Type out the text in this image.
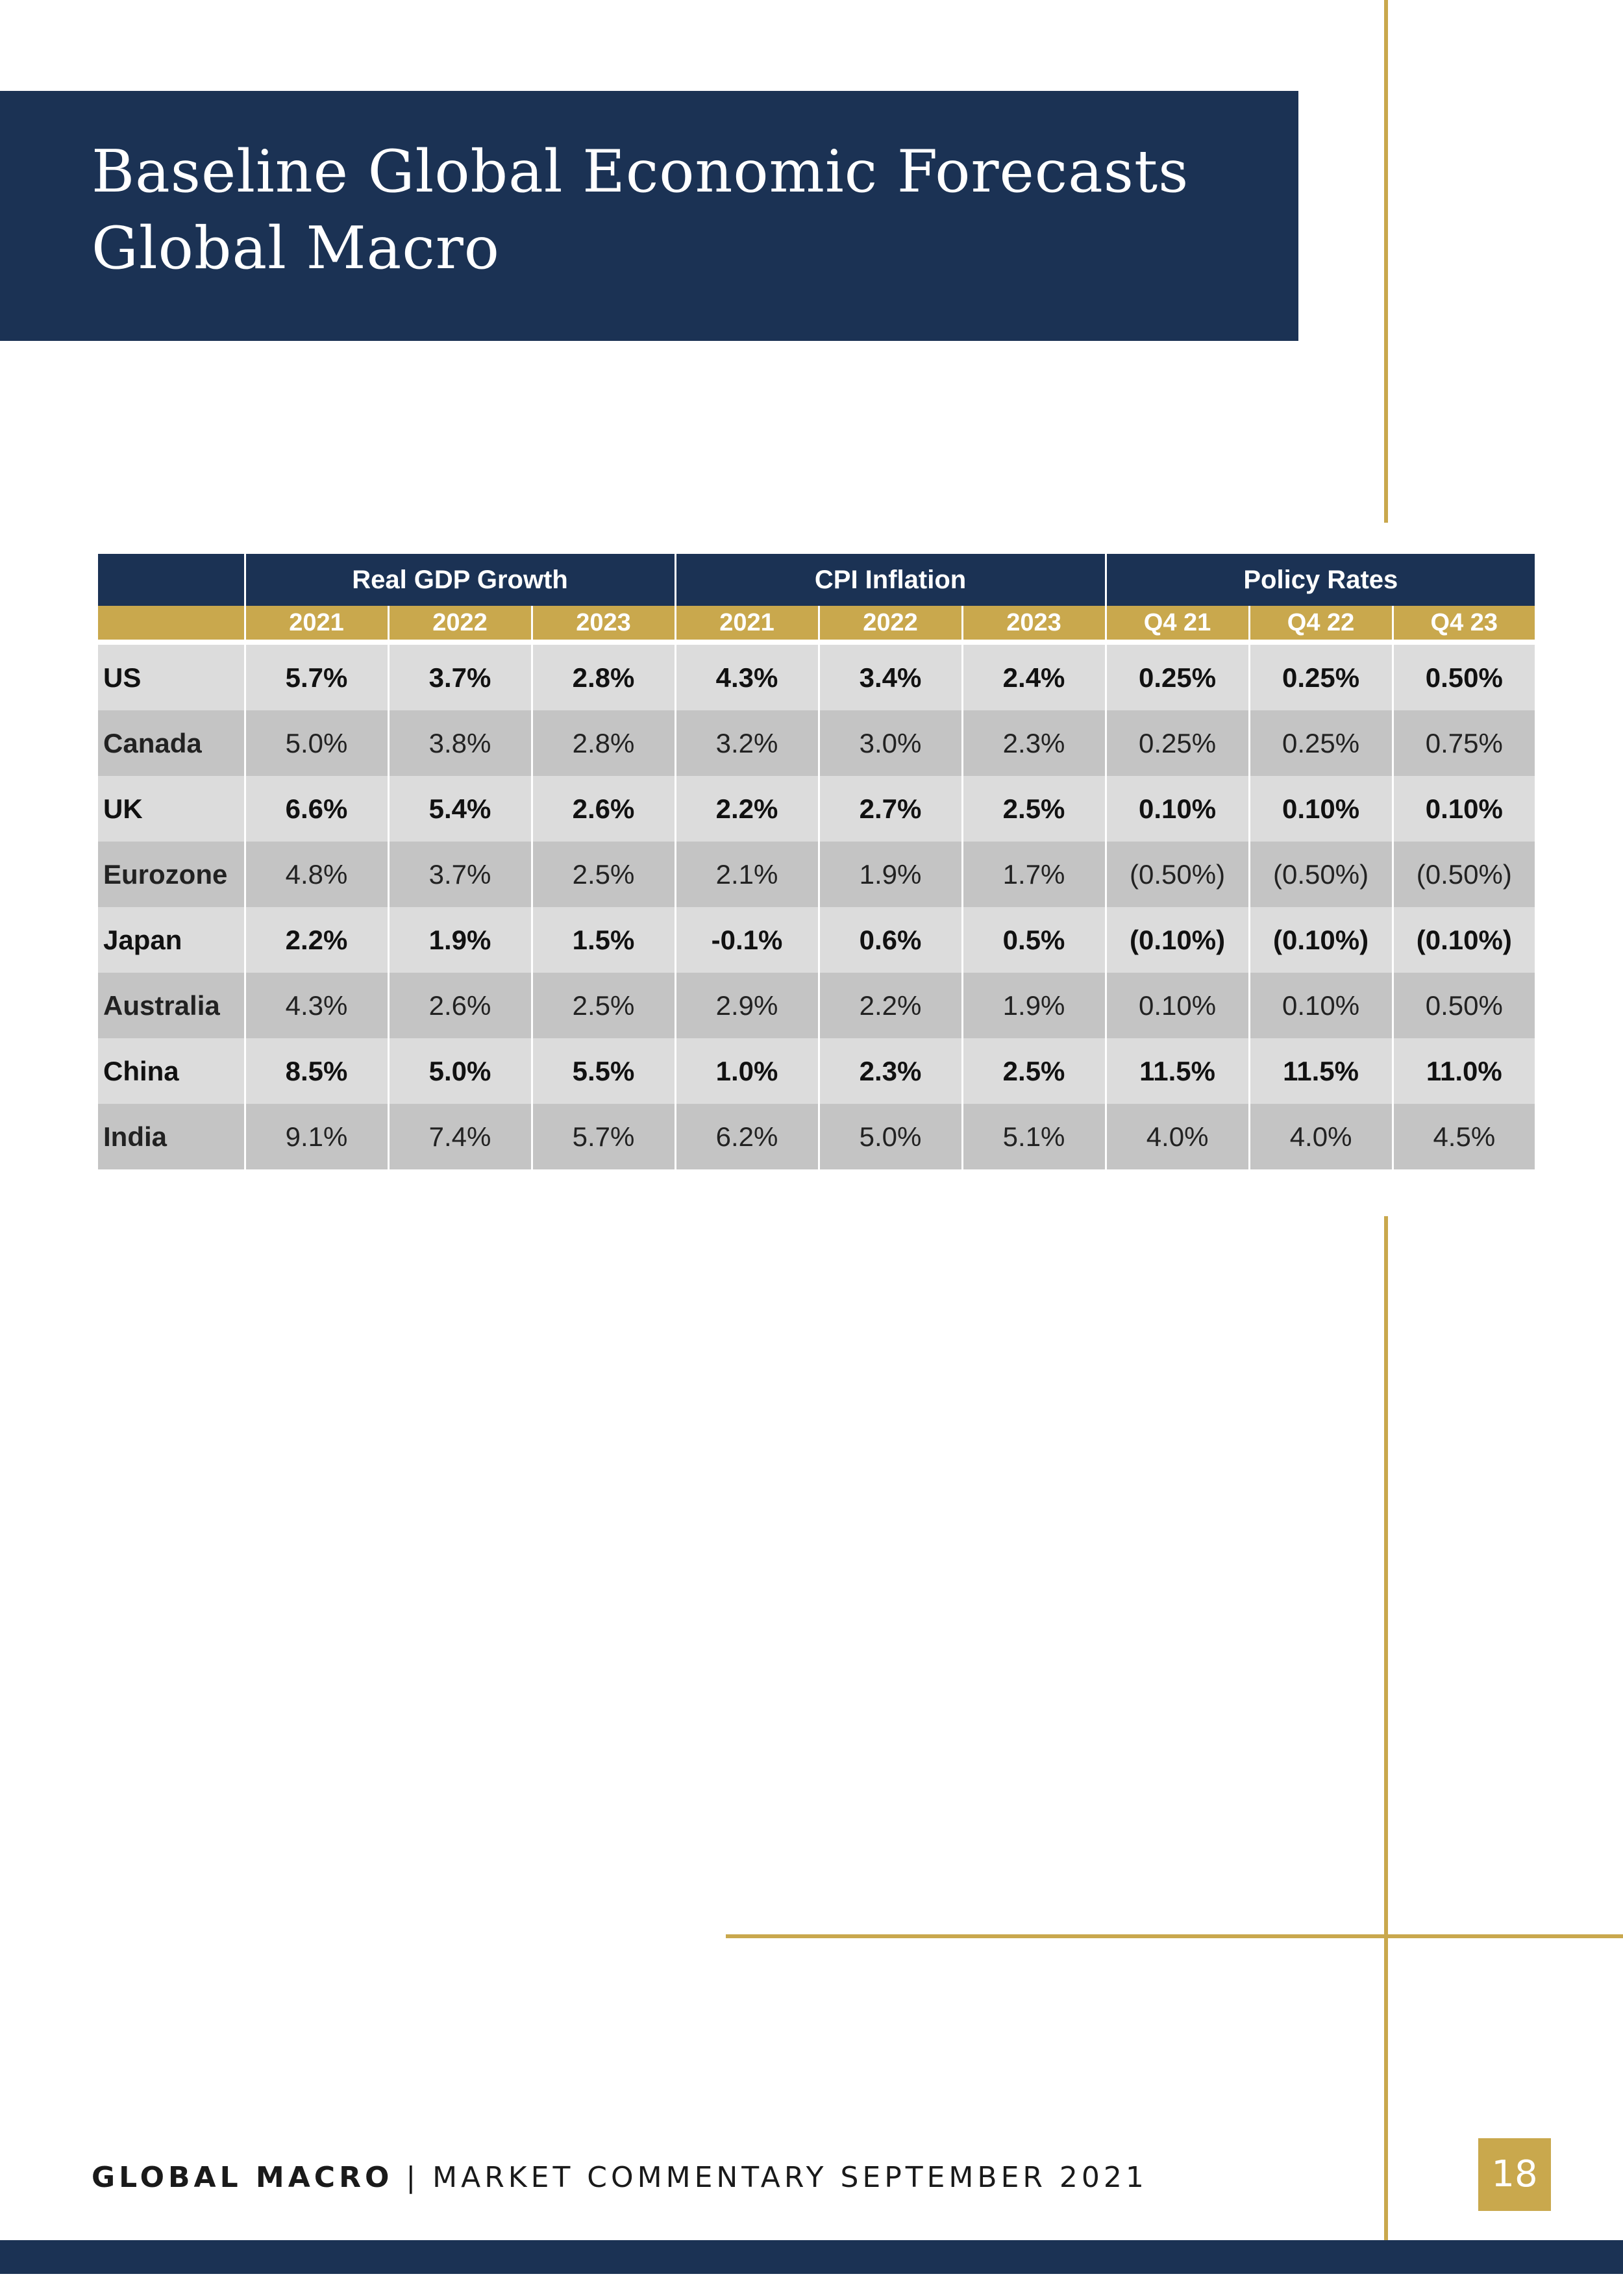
Baseline Global Economic Forecasts
Global Macro
	Real GDP Growth			CPI Inflation			Policy Rates		
	2021	2022	2023	2021	2022	2023	Q4 21	Q4 22	Q4 23

US	5.7%	3.7%	2.8%	4.3%	3.4%	2.4%	0.25%	0.25%	0.50%
Canada	5.0%	3.8%	2.8%	3.2%	3.0%	2.3%	0.25%	0.25%	0.75%
UK	6.6%	5.4%	2.6%	2.2%	2.7%	2.5%	0.10%	0.10%	0.10%
Eurozone	4.8%	3.7%	2.5%	2.1%	1.9%	1.7%	(0.50%)	(0.50%)	(0.50%)
Japan	2.2%	1.9%	1.5%	-0.1%	0.6%	0.5%	(0.10%)	(0.10%)	(0.10%)
Australia	4.3%	2.6%	2.5%	2.9%	2.2%	1.9%	0.10%	0.10%	0.50%
China	8.5%	5.0%	5.5%	1.0%	2.3%	2.5%	11.5%	11.5%	11.0%
India	9.1%	7.4%	5.7%	6.2%	5.0%	5.1%	4.0%	4.0%	4.5%
GLOBAL MACRO | MARKET COMMENTARY SEPTEMBER 2021	18
